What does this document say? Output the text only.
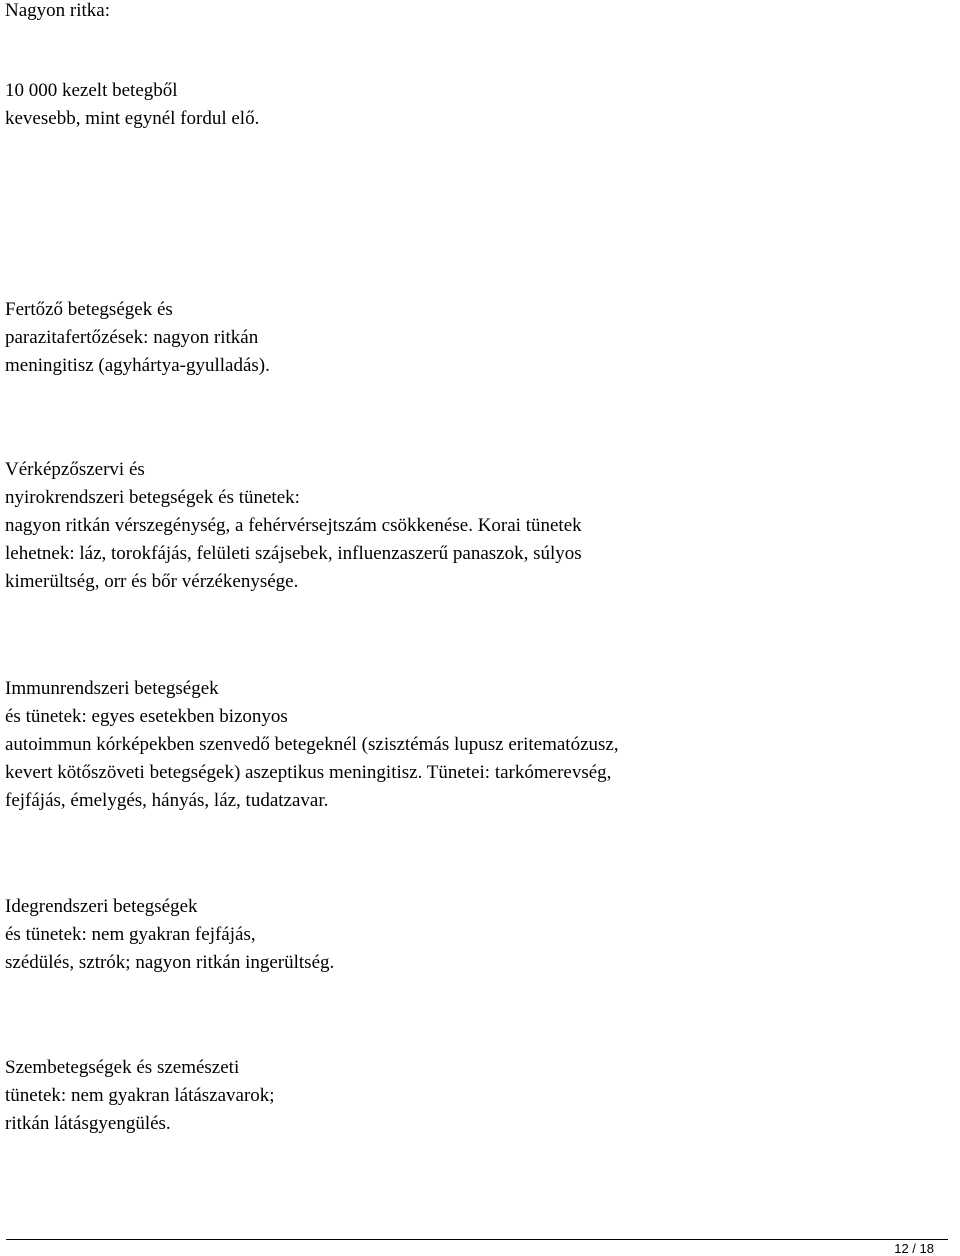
Nagyon ritka:
10 000 kezelt betegből
kevesebb, mint egynél fordul elő.
Fertőző betegségek és
parazitafertőzések: nagyon ritkán
meningitisz (agyhártya-gyulladás).
Vérképzőszervi és
nyirokrendszeri betegségek és tünetek:
nagyon ritkán vérszegénység, a fehérvérsejtszám csökkenése. Korai tünetek
lehetnek: láz, torokfájás, felületi szájsebek, influenzaszerű panaszok, súlyos
kimerültség, orr és bőr vérzékenysége.
Immunrendszeri betegségek
és tünetek: egyes esetekben bizonyos
autoimmun kórképekben szenvedő betegeknél (szisztémás lupusz eritematózusz,
kevert kötőszöveti betegségek) aszeptikus meningitisz. Tünetei: tarkómerevség,
fejfájás, émelygés, hányás, láz, tudatzavar.
Idegrendszeri betegségek
és tünetek: nem gyakran fejfájás,
szédülés, sztrók; nagyon ritkán ingerültség.
Szembetegségek és szemészeti
tünetek: nem gyakran látászavarok;
ritkán látásgyengülés.
12 / 18
